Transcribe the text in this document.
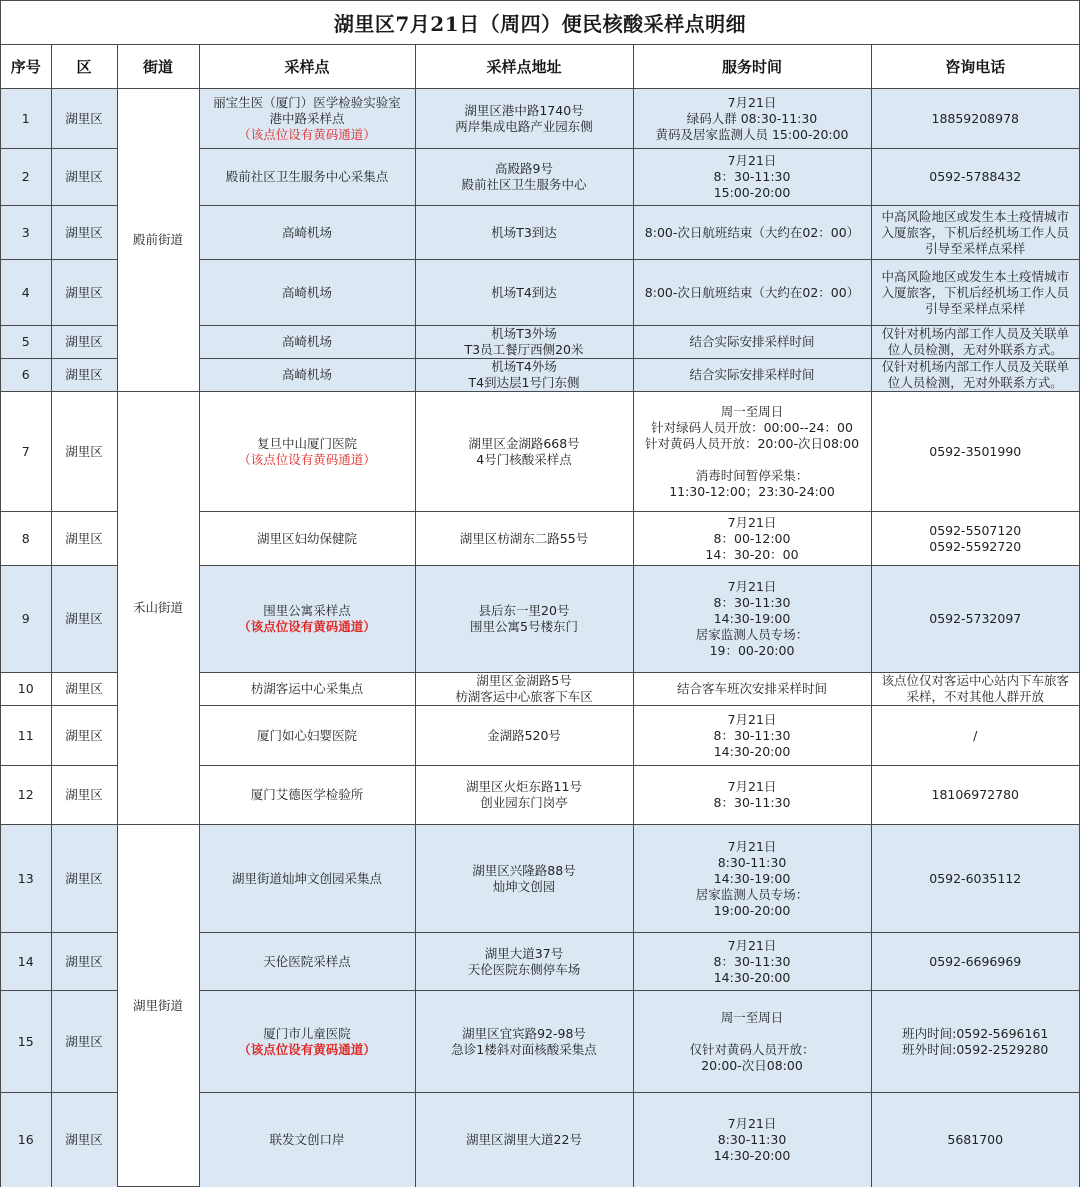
湖里区7月21日（周四）便民核酸采样点明细
序号	区	街道	采样点	采样点地址	服务时间	咨询电话
1	湖里区	殿前街道	丽宝生医（厦门）医学检验实验室
港中路采样点
（该点位设有黄码通道）	湖里区港中路1740号
两岸集成电路产业园东侧	7月21日
绿码人群 08:30-11:30
黄码及居家监测人员 15:00-20:00	18859208978

2	湖里区		殿前社区卫生服务中心采集点	高殿路9号
殿前社区卫生服务中心	7月21日
8：30-11:30
15:00-20:00	0592-5788432

3	湖里区		高崎机场	机场T3到达	8:00-次日航班结束（大约在02：00）	中高风险地区或发生本土疫情城市
入厦旅客，下机后经机场工作人员
引导至采样点采样

4	湖里区		高崎机场	机场T4到达	8:00-次日航班结束（大约在02：00）	中高风险地区或发生本土疫情城市
入厦旅客，下机后经机场工作人员
引导至采样点采样

5	湖里区		高崎机场	机场T3外场
T3员工餐厅西侧20米	结合实际安排采样时间	仅针对机场内部工作人员及关联单
位人员检测，无对外联系方式。

6	湖里区		高崎机场	机场T4外场
T4到达层1号门东侧	结合实际安排采样时间	仅针对机场内部工作人员及关联单
位人员检测，无对外联系方式。

7	湖里区	禾山街道	复旦中山厦门医院
（该点位设有黄码通道）	湖里区金湖路668号
4号门核酸采样点	周一至周日
针对绿码人员开放：00:00--24：00
针对黄码人员开放：20:00-次日08:00
消毒时间暂停采集：
11:30-12:00；23:30-24:00	0592-3501990

8	湖里区		湖里区妇幼保健院	湖里区枋湖东二路55号	7月21日
8：00-12:00
14：30-20：00	0592-5507120
0592-5592720

9	湖里区		围里公寓采样点
（该点位设有黄码通道）	县后东一里20号
围里公寓5号楼东门	7月21日
8：30-11:30
14:30-19:00
居家监测人员专场：
19：00-20:00	0592-5732097

10	湖里区		枋湖客运中心采集点	湖里区金湖路5号
枋湖客运中心旅客下车区	结合客车班次安排采样时间	该点位仅对客运中心站内下车旅客
采样，不对其他人群开放

11	湖里区		厦门如心妇婴医院	金湖路520号	7月21日
8：30-11:30
14:30-20:00	/

12	湖里区		厦门艾德医学检验所	湖里区火炬东路11号
创业园东门岗亭	7月21日
8：30-11:30	18106972780

13	湖里区	湖里街道	湖里街道灿坤文创园采集点	湖里区兴隆路88号
灿坤文创园	7月21日
8:30-11:30
14:30-19:00
居家监测人员专场：
19:00-20:00	0592-6035112

14	湖里区		天伦医院采样点	湖里大道37号
天伦医院东侧停车场	7月21日
8：30-11:30
14:30-20:00	0592-6696969

15	湖里区		厦门市儿童医院
（该点位设有黄码通道）	湖里区宜宾路92-98号
急诊1楼斜对面核酸采集点	周一至周日
仅针对黄码人员开放：
20:00-次日08:00	班内时间:0592-5696161
班外时间:0592-2529280

16	湖里区		联发文创口岸	湖里区湖里大道22号	7月21日
8:30-11:30
14:30-20:00	5681700
